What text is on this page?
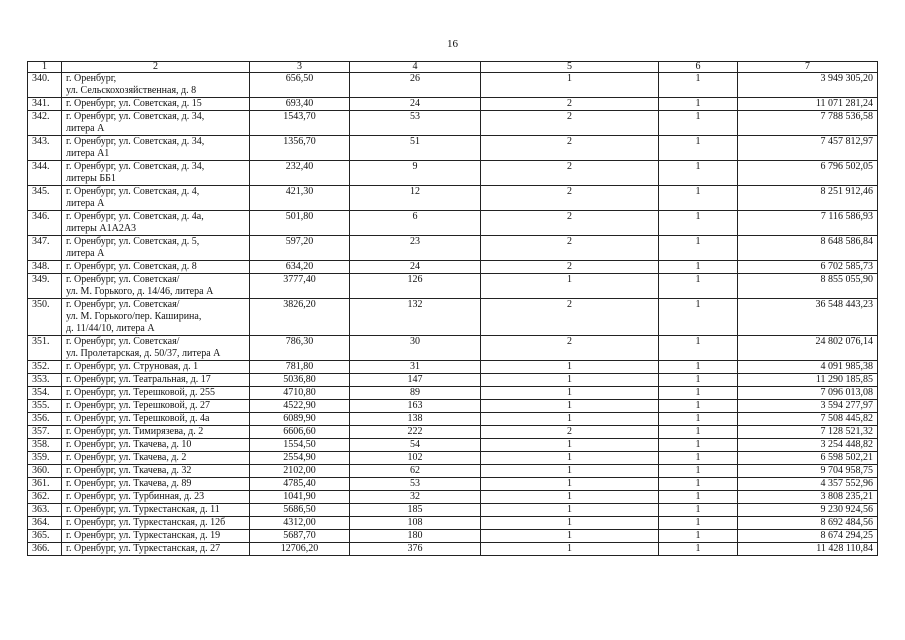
16
1	2	3	4	5	6	7
340.	г. Оренбург,
ул. Сельскохозяйственная, д. 8	656,50	26	1	1	3 949 305,20
341.	г. Оренбург, ул. Советская, д. 15	693,40	24	2	1	11 071 281,24
342.	г. Оренбург, ул. Советская, д. 34,
литера А	1543,70	53	2	1	7 788 536,58
343.	г. Оренбург, ул. Советская, д. 34,
литера А1	1356,70	51	2	1	7 457 812,97
344.	г. Оренбург, ул. Советская, д. 34,
литеры ББ1	232,40	9	2	1	6 796 502,05
345.	г. Оренбург, ул. Советская, д. 4,
литера А	421,30	12	2	1	8 251 912,46
346.	г. Оренбург, ул. Советская, д. 4а,
литеры А1А2А3	501,80	6	2	1	7 116 586,93
347.	г. Оренбург, ул. Советская, д. 5,
литера А	597,20	23	2	1	8 648 586,84
348.	г. Оренбург, ул. Советская, д. 8	634,20	24	2	1	6 702 585,73
349.	г. Оренбург, ул. Советская/
ул. М. Горького, д. 14/46, литера А	3777,40	126	1	1	8 855 055,90
350.	г. Оренбург, ул. Советская/
ул. М. Горького/пер. Каширина,
д. 11/44/10, литера А	3826,20	132	2	1	36 548 443,23
351.	г. Оренбург, ул. Советская/
ул. Пролетарская, д. 50/37, литера А	786,30	30	2	1	24 802 076,14
352.	г. Оренбург, ул. Струновая, д. 1	781,80	31	1	1	4 091 985,38
353.	г. Оренбург, ул. Театральная, д. 17	5036,80	147	1	1	11 290 185,85
354.	г. Оренбург, ул. Терешковой, д. 255	4710,80	89	1	1	7 096 013,08
355.	г. Оренбург, ул. Терешковой, д. 27	4522,90	163	1	1	3 594 277,97
356.	г. Оренбург, ул. Терешковой, д. 4а	6089,90	138	1	1	7 508 445,82
357.	г. Оренбург, ул. Тимирязева, д. 2	6606,60	222	2	1	7 128 521,32
358.	г. Оренбург, ул. Ткачева, д. 10	1554,50	54	1	1	3 254 448,82
359.	г. Оренбург, ул. Ткачева, д. 2	2554,90	102	1	1	6 598 502,21
360.	г. Оренбург, ул. Ткачева, д. 32	2102,00	62	1	1	9 704 958,75
361.	г. Оренбург, ул. Ткачева, д. 89	4785,40	53	1	1	4 357 552,96
362.	г. Оренбург, ул. Турбинная, д. 23	1041,90	32	1	1	3 808 235,21
363.	г. Оренбург, ул. Туркестанская, д. 11	5686,50	185	1	1	9 230 924,56
364.	г. Оренбург, ул. Туркестанская, д. 12б	4312,00	108	1	1	8 692 484,56
365.	г. Оренбург, ул. Туркестанская, д. 19	5687,70	180	1	1	8 674 294,25
366.	г. Оренбург, ул. Туркестанская, д. 27	12706,20	376	1	1	11 428 110,84
